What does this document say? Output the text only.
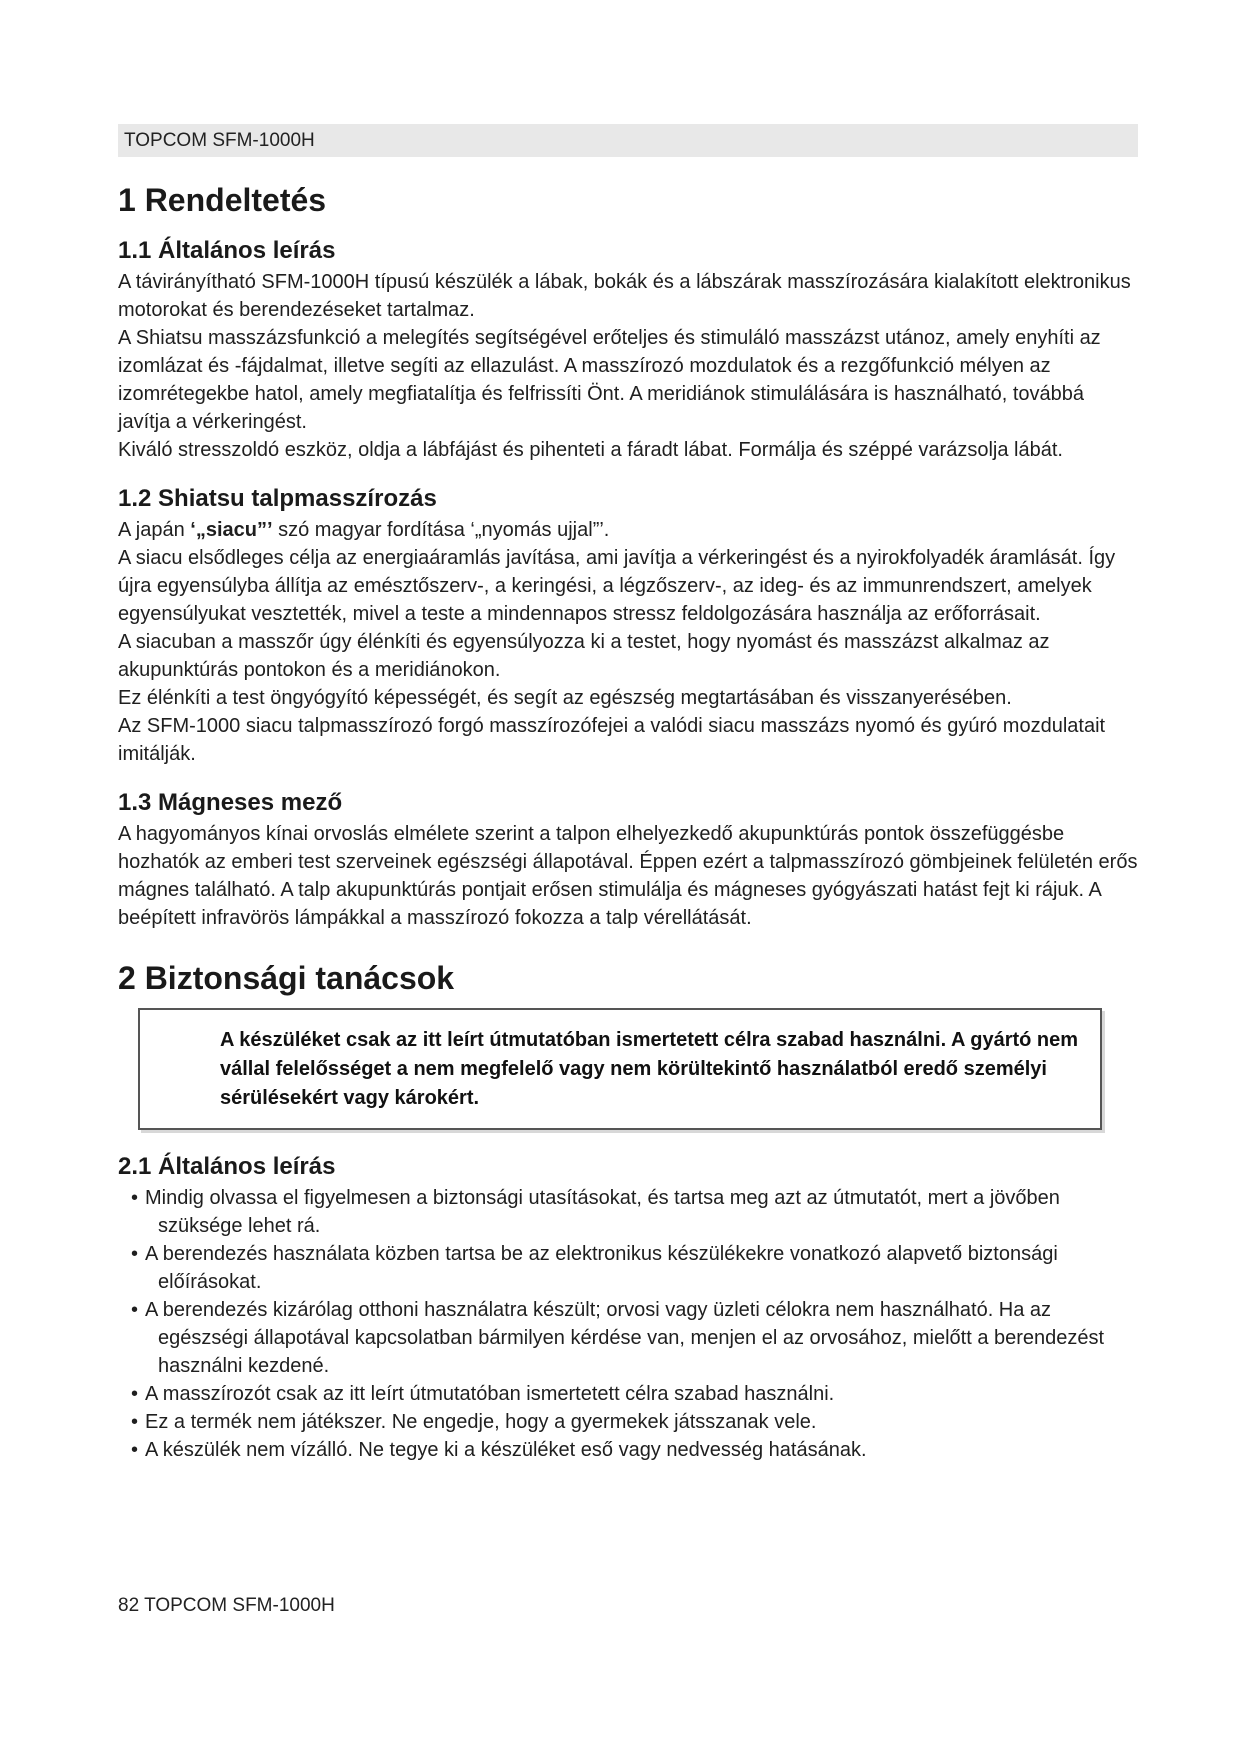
TOPCOM SFM-1000H
1 Rendeltetés
1.1 Általános leírás

A távirányítható SFM-1000H típusú készülék a lábak, bokák és a lábszárak masszírozására kialakított elektronikus motorokat és berendezéseket tartalmaz.

A Shiatsu masszázsfunkció a melegítés segítségével erőteljes és stimuláló masszázst utánoz, amely enyhíti az izomlázat és -fájdalmat, illetve segíti az ellazulást. A masszírozó mozdulatok és a rezgőfunkció mélyen az izomrétegekbe hatol, amely megfiatalítja és felfrissíti Önt. A meridiánok stimulálására is használható, továbbá javítja a vérkeringést.

Kiváló stresszoldó eszköz, oldja a lábfájást és pihenteti a fáradt lábat. Formálja és széppé varázsolja lábát.

1.2 Shiatsu talpmasszírozás

A japán ‘„siacu”’ szó magyar fordítása ‘„nyomás ujjal”’.

A siacu elsődleges célja az energiaáramlás javítása, ami javítja a vérkeringést és a nyirokfolyadék áramlását. Így újra egyensúlyba állítja az emésztőszerv-, a keringési, a légzőszerv-, az ideg- és az immunrendszert, amelyek egyensúlyukat vesztették, mivel a teste a mindennapos stressz feldolgozására használja az erőforrásait.

A siacuban a masszőr úgy élénkíti és egyensúlyozza ki a testet, hogy nyomást és masszázst alkalmaz az akupunktúrás pontokon és a meridiánokon.

Ez élénkíti a test öngyógyító képességét, és segít az egészség megtartásában és visszanyerésében.

Az SFM-1000 siacu talpmasszírozó forgó masszírozófejei a valódi siacu masszázs nyomó és gyúró mozdulatait imitálják.

1.3 Mágneses mező

A hagyományos kínai orvoslás elmélete szerint a talpon elhelyezkedő akupunktúrás pontok összefüggésbe hozhatók az emberi test szerveinek egészségi állapotával. Éppen ezért a talpmasszírozó gömbjeinek felületén erős mágnes található. A talp akupunktúrás pontjait erősen stimulálja és mágneses gyógyászati hatást fejt ki rájuk. A beépített infravörös lámpákkal a masszírozó fokozza a talp vérellátását.

2 Biztonsági tanácsok

A készüléket csak az itt leírt útmutatóban ismertetett célra szabad használni. A gyártó nem vállal felelősséget a nem megfelelő vagy nem körültekintő használatból eredő személyi sérülésekért vagy károkért.

2.1 Általános leírás
• Mindig olvassa el figyelmesen a biztonsági utasításokat, és tartsa meg azt az útmutatót, mert a jövőben szüksége lehet rá.
• A berendezés használata közben tartsa be az elektronikus készülékekre vonatkozó alapvető biztonsági előírásokat.
• A berendezés kizárólag otthoni használatra készült; orvosi vagy üzleti célokra nem használható. Ha az egészségi állapotával kapcsolatban bármilyen kérdése van, menjen el az orvosához, mielőtt a berendezést használni kezdené.
• A masszírozót csak az itt leírt útmutatóban ismertetett célra szabad használni.
• Ez a termék nem játékszer. Ne engedje, hogy a gyermekek játsszanak vele.
• A készülék nem vízálló. Ne tegye ki a készüléket eső vagy nedvesség hatásának.
82 TOPCOM SFM-1000H
